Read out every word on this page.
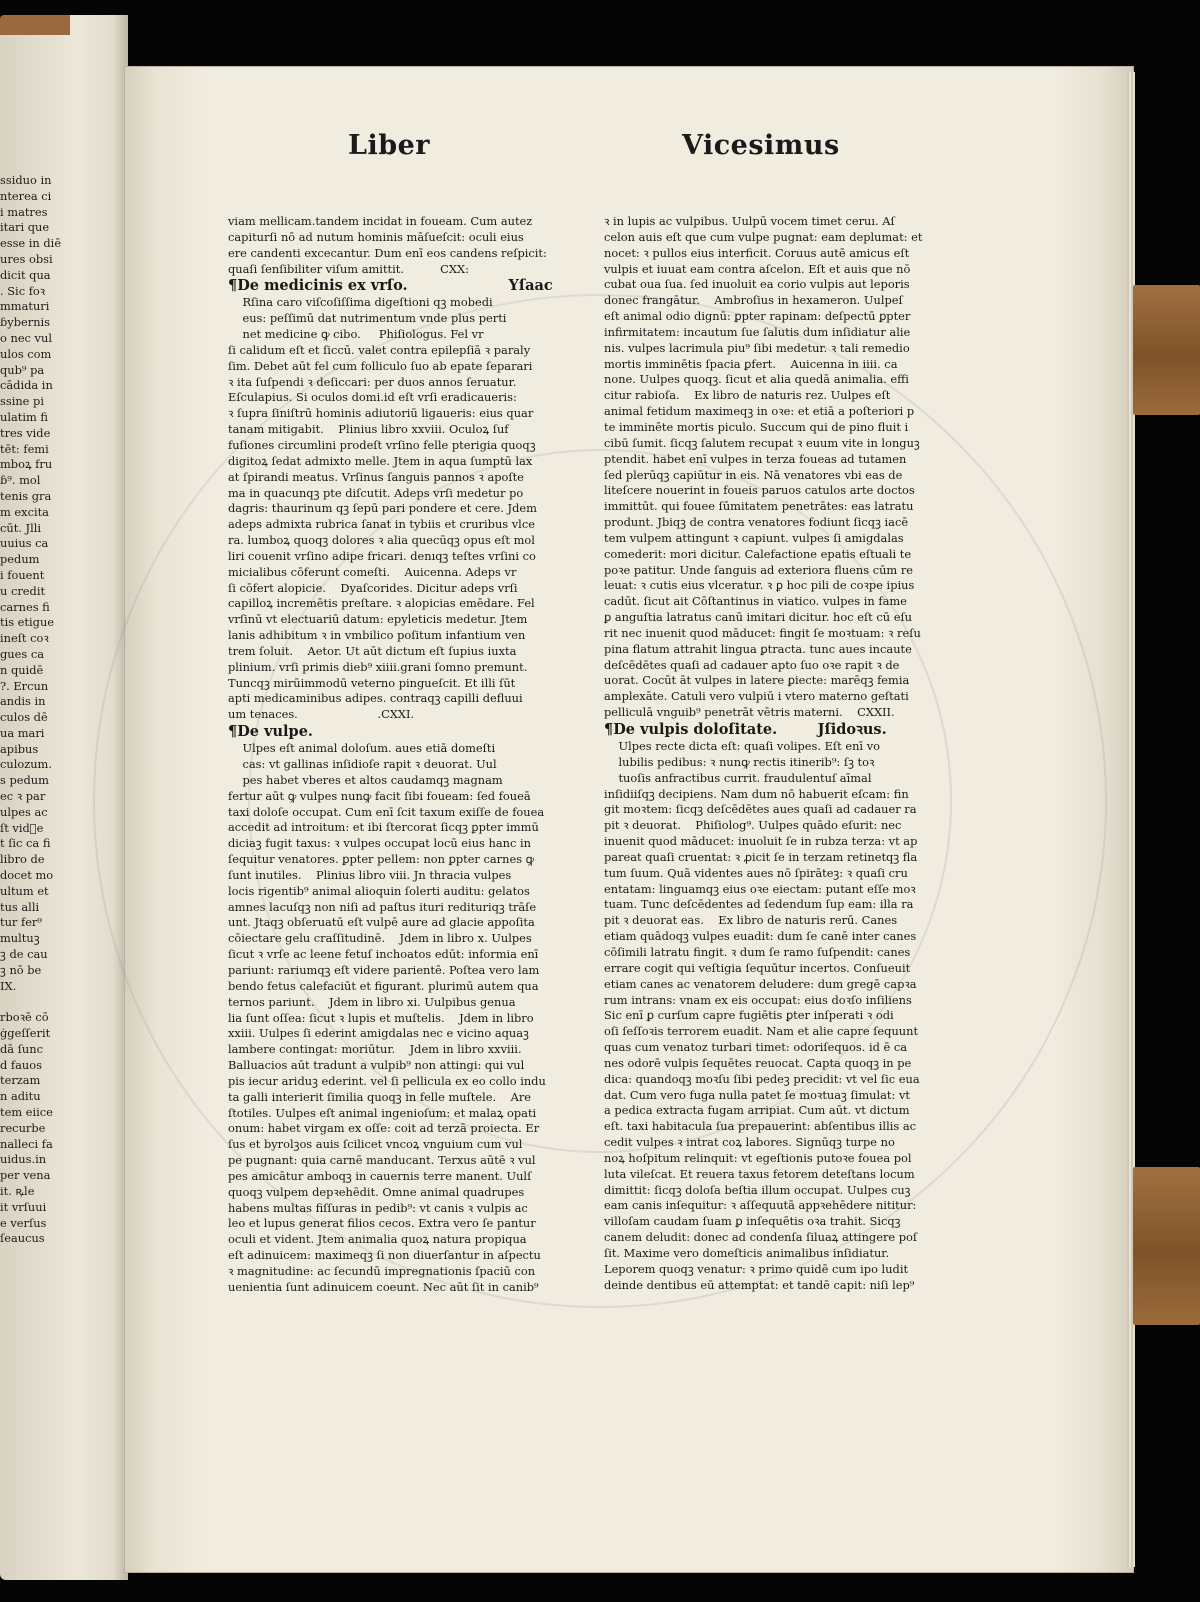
ssiduo in
nterea ci
i matres
itari que
esse in diē
ures obsi
dicit qua
. Sic foꝛ
mmaturi
ɓybernis
o nec vul
ulos com
qub⁹ pa
cādida in
ssine pi
ulatim fi
tres vide
tēt: femi
mboꝝ fru
ɓ⁹. mol
tenis gra
m excita
cūt. Jlli
uuius ca
pedum
i fouent
u credit
carnes fi
tis etigue
ineſt coꝛ
gues ca
n quidē
?. Ercun
andis in
culos dē
ua mari
apibus
culozum.
s pedum
ec ꝛ par
ulpes ac
ſt vidᷝe
t ſic ca fi
libro de
docet mo
ultum et
tus alli
tur fer⁹
multuꝫ
ꝫ de cau
ꝫ nō be
IX.

rboꝛē cō
ġgeſſerit
dā ſunc
d fauos
terzam
n aditu
tem eiice
recurbe
nalleci fa
uidus.in
per vena
it. ꝶle
it vrſuui
e verſus
ſeaucus
Liber	Vicesimus
viam mellicam.tandem incidat in foueam. Cum autez
capiturſi nō ad nutum hominis māſueſcit: oculi eius
ere candenti excecantur. Dum enī eos candens reſpicit:
quaſi ſenſibiliter viſum amittit.          CXX:
¶De medicinis ex vrſo.                    Yſaac
Rſina caro viſcoſiſſima digeſtioni qꝫ mobedi
eus: peſſimū dat nutrimentum vnde plus perti
net medicine ꝙ cibo.     Phiſiologus. Fel vr
ſi calidum eſt et ſiccū. valet contra epilepſiā ꝛ paraly
ſim. Debet aūt fel cum folliculo ſuo ab epate ſeparari
ꝛ ita ſuſpendi ꝛ deſiccari: per duos annos ſeruatur.
Eſculapius. Si oculos domi.id eſt vrſi eradicaueris:
ꝛ ſupra ſiniſtrū hominis adiutoriū ligaueris: eius quar
tanam mitigabit.    Plinius libro xxviii. Oculoꝝ ſuf
fuſiones circumlini prodeſt vrſino felle pterigia quoqꝫ
digitoꝝ ſedat admixto melle. Jtem in aqua ſumptū lax
at ſpirandi meatus. Vrſinus ſanguis pannos ꝛ apoſte
ma in quacunqꝫ pte diſcutit. Adeps vrſi medetur po
dagris: thaurinum qꝫ ſepū pari pondere et cere. Jdem
adeps admixta rubrica ſanat in tybiis et cruribus vlce
ra. lumboꝝ quoqꝫ dolores ꝛ alia quecūqꝫ opus eſt mol
liri couenit vrſino adipe fricari. denıqꝫ teſtes vrſini co
micialibus cōferunt comeſti.    Auicenna. Adeps vr
ſi cōfert alopicie.    Dyaſcorides. Dicitur adeps vrſi
capilloꝝ incremētis preſtare. ꝛ alopicias emēdare. Fel
vrſinū vt electuariū datum: epyleticis medetur. Jtem
lanis adhibitum ꝛ in vmbilico poſitum infantium ven
trem ſoluit.    Aetor. Ut aūt dictum eſt ſupius iuxta
plinium. vrſi primis dieb⁹ xiiii.grani ſomno premunt.
Tuncqꝫ mirūimmodū veterno pingueſcit. Et illi ſūt
apti medicaminibus adipes. contraqꝫ capilli defluui
um tenaces.                      .CXXI.
¶De vulpe.
Ulpes eſt animal doloſum. aues etiā domeſti
cas: vt gallinas inſidioſe rapit ꝛ deuorat. Uul
pes habet vberes et altos caudamqꝫ magnam
fertur aūt ꝙ vulpes nunꝙ facit ſibi foueam: ſed foueā
taxi doloſe occupat. Cum enī ſcit taxum exiſſe de fouea
accedit ad introitum: et ibi ſtercorat ſicqꝫ ꝑpter immū
diciaꝫ fugit taxus: ꝛ vulpes occupat locū eius hanc in
ſequitur venatores. ꝑpter pellem: non ꝑpter carnes ꝙ
ſunt inutiles.    Plinius libro viii. Jn thracia vulpes
locis rigentib⁹ animal alioquin ſolerti auditu: gelatos
amnes lacuſqꝫ non niſi ad paſtus ituri redituriqꝫ trāſe
unt. Jtaqꝫ obſeruatū eſt vulpē aure ad glacie appoſita
cōiectare gelu craſſitudinē.    Jdem in libro x. Uulpes
ſicut ꝛ vrſe ac leene fetuſ inchoatos edūt: informia enī
pariunt: rariumqꝫ eſt videre parientē. Poſtea vero lam
bendo fetus calefaciūt et figurant. plurimū autem qua
ternos pariunt.    Jdem in libro xi. Uulpibus genua
lia ſunt oſſea: ſicut ꝛ lupis et muſtelis.    Jdem in libro
xxiii. Uulpes ſi ederint amigdalas nec e vicino aquaꝫ
lambere contingat: moriūtur.    Jdem in libro xxviii.
Balluacios aūt tradunt a vulpib⁹ non attingi: qui vul
pis iecur ariduꝫ ederint. vel ſi pellicula ex eo collo indu
ta galli interierit ſimilia quoqꝫ in felle muſtele.    Are
ſtotiles. Uulpes eſt animal ingenioſum: et malaꝝ opati
onum: habet virgam ex oſſe: coit ad terzā proiecta. Er
ſus et byrolꝫos auis ſcilicet vncoꝝ vnguium cum vul
pe pugnant: quia carnē manducant. Terxus aūtē ꝛ vul
pes amicātur amboqꝫ in cauernis terre manent. Uulſ
quoqꝫ vulpem depꝛehēdit. Omne animal quadrupes
habens multas fiſſuras in pedib⁹: vt canis ꝛ vulpis ac
leo et lupus generat filios cecos. Extra vero ſe pantur
oculi et vident. Jtem animalia quoꝝ natura propiqua
eſt adinuicem: maximeqꝫ ſi non diuerſantur in aſpectu
ꝛ magnitudine: ac ſecundū impregnationis ſpaciū con
uenientia ſunt adinuicem coeunt. Nec aūt ſit in canib⁹
ꝛ in lupis ac vulpibus. Uulpū vocem timet ceruı. Aſ
celon auis eſt que cum vulpe pugnat: eam deplumat: et
nocet: ꝛ pullos eius interficit. Coruus autē amicus eſt
vulpis et iuuat eam contra aſcelon. Eſt et auis que nō
cubat oua ſua. ſed inuoluit ea corio vulpis aut leporis
donec frangātur.    Ambroſius in hexameron. Uulpeſ
eſt animal odio dignū: ꝑpter rapinam: deſpectū ꝑpter
infirmitatem: incautum ſue ſalutis dum inſidiatur alie
nis. vulpes lacrimula piu⁹ ſibi medetur. ꝛ tali remedio
mortis imminētis ſpacia ꝑfert.    Auicenna in iiii. ca
none. Uulpes quoqꝫ. ſicut et alia quedā animalia. effi
citur rabioſa.    Ex libro de naturis rez. Uulpes eſt
animal fetidum maximeqꝫ in oꝛe: et etiā a poſteriori p
te imminēte mortis piculo. Succum qui de pino fluit i
cibū ſumit. ſicqꝫ ſalutem recupat ꝛ euum vite in longuꝫ
ptendit. habet enī vulpes in terza foueas ad tutamen
ſed plerūqꝫ capiūtur in eis. Nā venatores vbi eas de
liteſcere nouerint in foueis paruos catulos arte doctos
immittūt. qui fouee ſūmitatem penetrātes: eas latratu
produnt. Jbiqꝫ de contra venatores fodiunt ſicqꝫ iacē
tem vulpem attingunt ꝛ capiunt. vulpes ſi amigdalas
comederit: mori dicitur. Calefactione epatis eſtuali te
poꝛe patitur. Unde ſanguis ad exteriora fluens cūm re
leuat: ꝛ cutis eius vlceratur. ꝛ ꝑ hoc pili de coꝛpe ipius
cadūt. ſicut ait Cōſtantinus in viatico. vulpes in fame
ꝑ anguſtia latratus canū imitari dicitur. hoc eſt cū eſu
rit nec inuenit quod māducet: fingit ſe moꝛtuam: ꝛ reſu
pina flatum attrahit lingua ꝑtracta. tunc aues incaute
deſcēdētes quaſi ad cadauer apto ſuo oꝛe rapit ꝛ de
uorat. Cocūt āt vulpes in latere ꝑiecte: marēqꝫ femia
amplexāte. Catuli vero vulpiū i vtero materno geſtati
pelliculā vnguib⁹ penetrāt vētris materni.    CXXII.
¶De vulpis doloſitate.        Jſidoꝛus.
Ulpes recte dicta eſt: quaſi volipes. Eſt enī vo
lubilis pedibus: ꝛ nunꝙ rectis itinerib⁹: ſꝫ toꝛ
tuoſis anfractibus currit. fraudulentuſ aīmal
inſidiiſqꝫ decipiens. Nam dum nō habuerit eſcam: fin
git moꝛtem: ſicqꝫ deſcēdētes aues quaſi ad cadauer ra
pit ꝛ deuorat.    Phiſiolog⁹. Uulpes quādo eſurit: nec
inuenit quod māducet: inuoluit ſe in rubza terza: vt ap
pareat quaſi cruentat: ꝛ ꝓicit ſe in terzam retinetqꝫ fla
tum ſuum. Quā videntes aues nō ſpirāteꝫ: ꝛ quaſi cru
entatam: linguamqꝫ eius oꝛe eiectam: putant eſſe moꝛ
tuam. Tunc deſcēdentes ad ſedendum ſup eam: illa ra
pit ꝛ deuorat eas.    Ex libro de naturis rerū. Canes
etiam quādoqꝫ vulpes euadit: dum ſe canē inter canes
cōſimili latratu fingit. ꝛ dum ſe ramo ſuſpendit: canes
errare cogit qui veſtigia ſequūtur incertos. Conſueuit
etiam canes ac venatorem deludere: dum gregē capꝛa
rum intrans: vnam ex eis occupat: eius doꝛſo inſiliens
Sic enī ꝑ curſum capre fugiētis ꝑter inſperati ꝛ odi
oſi ſeſſoꝛis terrorem euadit. Nam et alie capre ſequunt
quas cum venatoz turbari timet: odoriſequos. id ē ca
nes odorē vulpis ſequētes reuocat. Capta quoqꝫ in pe
dica: quandoqꝫ moꝛſu ſibi pedeꝫ precidit: vt vel ſic eua
dat. Cum vero fuga nulla patet ſe moꝛtuaꝫ ſimulat: vt
a pedica extracta fugam arripiat. Cum aūt. vt dictum
eſt. taxi habitacula ſua prepauerint: abſentibus illis ac
cedit vulpes ꝛ intrat coꝝ labores. Signūqꝫ turpe no
noꝝ hoſpitum relinquit: vt egeſtionis putoꝛe fouea pol
luta vileſcat. Et reuera taxus fetorem deteſtans locum
dimittit: ſicqꝫ doloſa beſtia illum occupat. Uulpes cuꝫ
eam canis inſequitur: ꝛ aſſequutā appꝛehēdere nititur:
villoſam caudam ſuam ꝑ inſequētis oꝛa trahit. Sicqꝫ
canem deludit: donec ad condenſa ſiluaꝝ attingere poſ
ſit. Maxime vero domeſticis animalibus inſidiatur.
Leporem quoqꝫ venatur: ꝛ primo quidē cum ipo ludit
deinde dentibus eū attemptat: et tandē capit: niſi lep⁹
